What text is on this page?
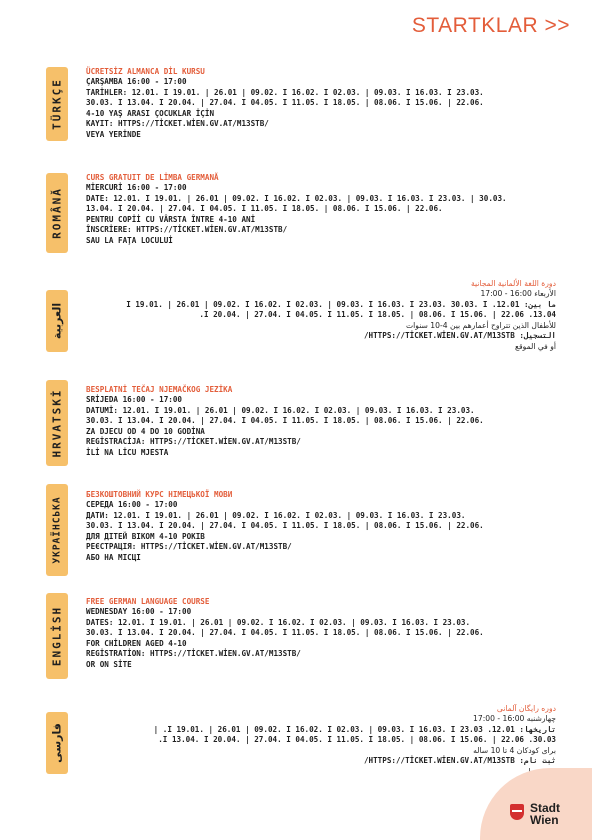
STARTKLAR >>
TÜRKÇE
ÜCRETSİZ ALMANCA DİL KURSU
ÇARŞAMBA 16:00 - 17:00
TARİHLER: 12.01. I 19.01. | 26.01 | 09.02. I 16.02. I 02.03. | 09.03. I 16.03. I 23.03.
30.03. I 13.04. I 20.04. | 27.04. I 04.05. I 11.05. I 18.05. | 08.06. I 15.06. | 22.06.
4-10 YAŞ ARASI ÇOCUKLAR İÇİN
KAYIT: HTTPS://TİCKET.WİEN.GV.AT/M13STB/
VEYA YERİNDE
ROMÂNĂ
CURS GRATUIT DE LİMBA GERMANĂ
MİERCURİ 16:00 - 17:00
DATE: 12.01. I 19.01. | 26.01 | 09.02. I 16.02. I 02.03. | 09.03. I 16.03. I 23.03. | 30.03.
13.04. I 20.04. | 27.04. I 04.05. I 11.05. I 18.05. | 08.06. I 15.06. | 22.06.
PENTRU COPİİ CU VÂRSTA ÎNTRE 4-10 ANİ
ÎNSCRİERE: HTTPS://TİCKET.WİEN.GV.AT/M13STB/
SAU LA FAŢA LOCULUİ
العربية
دورة اللغة الألمانية المجانية
الأربعاء 16:00 - 17:00
ما بين: 12.01. I 19.01. | 26.01 | 09.02. I 16.02. I 02.03. | 09.03. I 16.03. I 23.03. 30.03. I
13.04. I 20.04. | 27.04. I 04.05. I 11.05. I 18.05. | 08.06. I 15.06. | 22.06.
للأطفال الذين تتراوح أعمارهم بين 4-10 سنوات
التسجيل: HTTPS://TİCKET.WİEN.GV.AT/M13STB/
أو في الموقع
HRVATSKİ	BESPLATNİ TEČAJ NJEMAČKOG JEZİKA
SRİJEDA 16:00 - 17:00
DATUMİ: 12.01. I 19.01. | 26.01 | 09.02. I 16.02. I 02.03. | 09.03. I 16.03. I 23.03.
30.03. I 13.04. I 20.04. | 27.04. I 04.05. I 11.05. I 18.05. | 08.06. I 15.06. | 22.06.
ZA DJECU OD 4 DO 10 GODİNA
REGİSTRACİJA: HTTPS://TİCKET.WİEN.GV.AT/M13STB/
İLİ NA LİCU MJESTA
УКРАЇНСЬКА
БЕЗКОШТОВНИЙ КУРС НІМЕЦЬКОЇ МОВИ
СЕРЕДА 16:00 - 17:00
ДАТИ: 12.01. I 19.01. | 26.01 | 09.02. I 16.02. I 02.03. | 09.03. I 16.03. I 23.03.
30.03. I 13.04. I 20.04. | 27.04. I 04.05. I 11.05. I 18.05. | 08.06. I 15.06. | 22.06.
ДЛЯ ДІТЕЙ ВІКОМ 4-10 РОКІВ
РЕЄСТРАЦІЯ: HTTPS://TİCKET.WİEN.GV.AT/M13STB/
АБО НА МІСЦІ
ENGLİSH
FREE GERMAN LANGUAGE COURSE
WEDNESDAY 16:00 - 17:00
DATES: 12.01. I 19.01. | 26.01 | 09.02. I 16.02. I 02.03. | 09.03. I 16.03. I 23.03.
30.03. I 13.04. I 20.04. | 27.04. I 04.05. I 11.05. I 18.05. | 08.06. I 15.06. | 22.06.
FOR CHİLDREN AGED 4-10
REGİSTRATİON: HTTPS://TİCKET.WİEN.GV.AT/M13STB/
OR ON SİTE
فارسی
دوره رایگان آلمانی
چهارشنبه 16:00 - 17:00
تاریخها: 12.01. I 19.01. | 26.01 | 09.02. I 16.02. I 02.03. | 09.03. I 16.03. I 23.03. |
30.03. I 13.04. I 20.04. | 27.04. I 04.05. I 11.05. I 18.05. | 08.06. I 15.06. | 22.06.
برای کودکان 4 تا 10 ساله
ثبت نام: HTTPS://TİCKET.WİEN.GV.AT/M13STB/
Stadt
Wien
